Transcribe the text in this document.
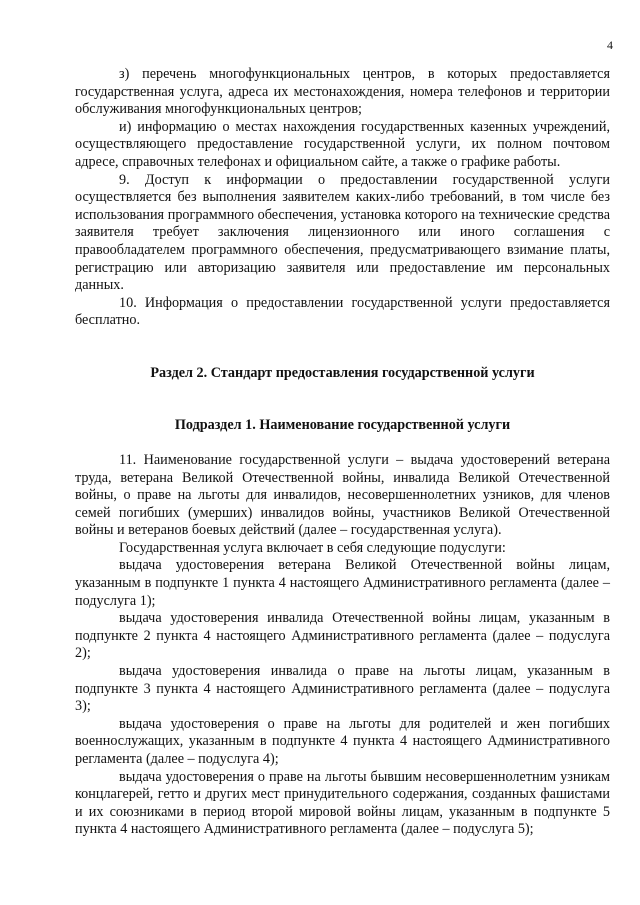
4

з) перечень многофункциональных центров, в которых предоставляется государственная услуга, адреса их местонахождения, номера телефонов и территории обслуживания многофункциональных центров;

и) информацию о местах нахождения государственных казенных учреждений, осуществляющего предоставление государственной услуги, их полном почтовом адресе, справочных телефонах и официальном сайте, а также о графике работы.

9. Доступ к информации о предоставлении государственной услуги осуществляется без выполнения заявителем каких-либо требований, в том числе без использования программного обеспечения, установка которого на технические средства заявителя требует заключения лицензионного или иного соглашения с правообладателем программного обеспечения, предусматривающего взимание платы, регистрацию или авторизацию заявителя или предоставление им персональных данных.

10. Информация о предоставлении государственной услуги предоставляется бесплатно.

Раздел 2. Стандарт предоставления государственной услуги
Подраздел 1. Наименование государственной услуги

11. Наименование государственной услуги – выдача удостоверений ветерана труда, ветерана Великой Отечественной войны, инвалида Великой Отечественной войны, о праве на льготы для инвалидов, несовершеннолетних узников, для членов семей погибших (умерших) инвалидов войны, участников Великой Отечественной войны и ветеранов боевых действий (далее – государственная услуга).

Государственная услуга включает в себя следующие подуслуги:

выдача удостоверения ветерана Великой Отечественной войны лицам, указанным в подпункте 1 пункта 4 настоящего Административного регламента (далее – подуслуга 1);

выдача удостоверения инвалида Отечественной войны лицам, указанным в подпункте 2 пункта 4 настоящего Административного регламента (далее – подуслуга 2);

выдача удостоверения инвалида о праве на льготы лицам, указанным в подпункте 3 пункта 4 настоящего Административного регламента (далее – подуслуга 3);

выдача удостоверения о праве на льготы для родителей и жен погибших военнослужащих, указанным в подпункте 4 пункта 4 настоящего Административного регламента (далее – подуслуга 4);

выдача удостоверения о праве на льготы бывшим несовершеннолетним узникам концлагерей, гетто и других мест принудительного содержания, созданных фашистами и их союзниками в период второй мировой войны лицам, указанным в подпункте 5 пункта 4 настоящего Административного регламента (далее – подуслуга 5);
